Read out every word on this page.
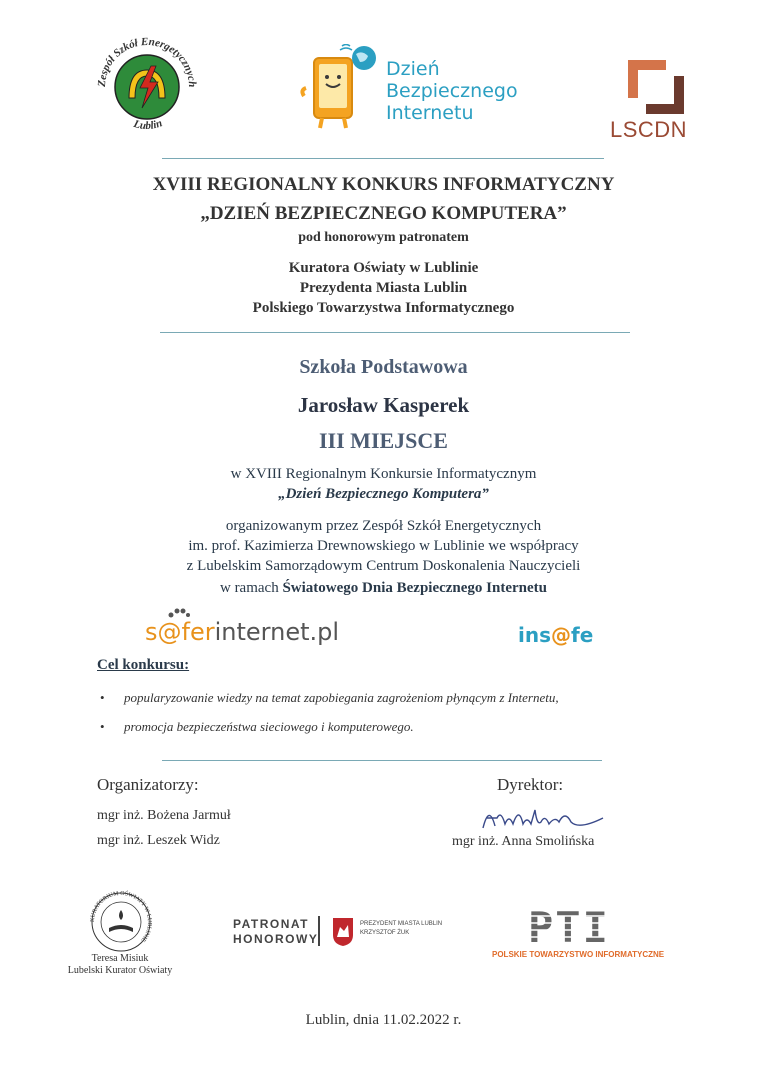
Zespół Szkół Energetycznych
Lublin
Dzień
Bezpiecznego
Internetu
LSCDN
XVIII REGIONALNY KONKURS INFORMATYCZNY
„DZIEŃ BEZPIECZNEGO KOMPUTERA”
pod honorowym patronatem
Kuratora Oświaty w Lublinie
Prezydenta Miasta Lublin
Polskiego Towarzystwa Informatycznego
Szkoła Podstawowa
Jarosław Kasperek
III MIEJSCE
w XVIII Regionalnym Konkursie Informatycznym
„Dzień Bezpiecznego Komputera”
organizowanym przez Zespół Szkół Energetycznych
im. prof. Kazimierza Drewnowskiego w Lublinie we współpracy
z Lubelskim Samorządowym Centrum Doskonalenia Nauczycieli
w ramach Światowego Dnia Bezpiecznego Internetu
s@ferinternet.pl	ins@fe
Cel konkursu:
• popularyzowanie wiedzy na temat zapobiegania zagrożeniom płynącym z Internetu,
• promocja bezpieczeństwa sieciowego i komputerowego.
Organizatorzy:
mgr inż. Bożena Jarmuł
mgr inż. Leszek Widz
Dyrektor:
mgr inż. Anna Smolińska
KURATORIUM OŚWIATY W LUBLINIE
Teresa Misiuk
Lubelski Kurator Oświaty
PATRONAT
HONOROWY
PREZYDENT MIASTA LUBLIN
KRZYSZTOF ŻUK	PTI
POLSKIE TOWARZYSTWO INFORMATYCZNE
Lublin, dnia 11.02.2022 r.
